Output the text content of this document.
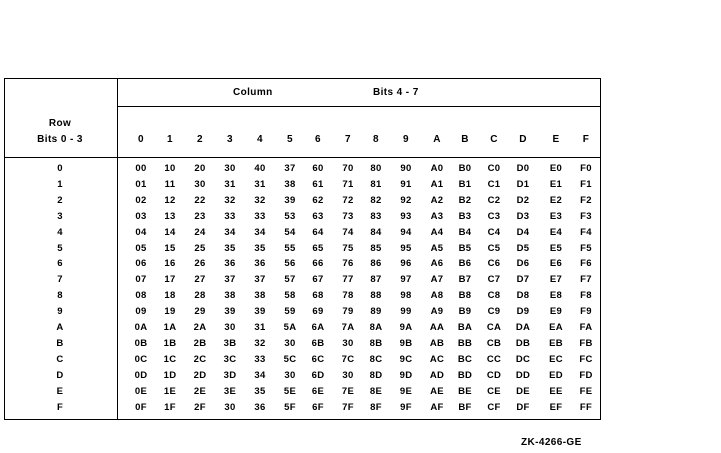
Column	Bits 4 - 7
Row
Bits 0 - 3	0 1 2 3 4 5 6 7 8 9 A B C D	E F
0	00 10 20 30 40 37 60 70 80 90 A0 B0 C0 D0 E0 F0
1	01 11 30 31 31 38 61 71 81 91 A1 B1 C1 D1 E1 F1
2	02 12 22 32 32 39 62 72 82 92 A2 B2 C2 D2 E2 F2
3	03 13 23 33 33 53 63 73 83 93 A3 B3 C3 D3 E3 F3
4	04 14 24 34 34 54 64 74 84 94 A4 B4 C4 D4 E4 F4
5	05 15 25 35 35 55 65 75 85 95 A5 B5 C5 D5 E5 F5
6	06 16 26 36 36 56 66 76 86 96 A6 B6 C6 D6 E6 F6
7	07 17 27 37 37 57 67 77 87 97 A7 B7 C7 D7 E7 F7
8	08 18 28 38 38 58 68 78 88 98 A8 B8 C8 D8 E8 F8
9	09 19 29 39 39 59 69 79 89 99 A9 B9 C9 D9 E9 F9
A	0A 1A 2A 30 31 5A 6A 7A 8A 9A AA BA CA DA EA FA
B	0B 1B 2B 3B 32 30 6B 30 8B 9B AB BB CB DB EB FB
C	0C 1C 2C 3C 33 5C 6C 7C 8C 9C AC BC CC DC EC FC
D	0D 1D 2D 3D 34 30 6D 30 8D 9D AD BD CD DD ED FD
E	0E 1E 2E 3E 35 5E 6E 7E 8E 9E AE BE CE DE EE FE
F	0F 1F 2F 30 36 5F 6F 7F 8F 9F AF BF CF DF EF FF
ZK-4266-GE
